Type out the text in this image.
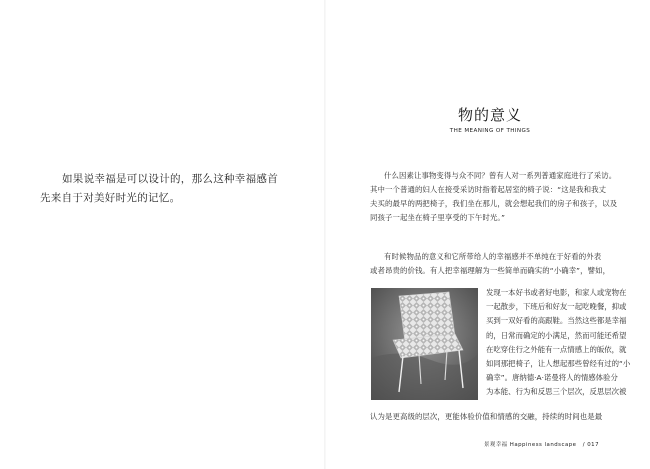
如果说幸福是可以设计的，那么这种幸福感首
先来自于对美好时光的记忆。
物的意义
THE MEANING OF THINGS
什么因素让事物变得与众不同？曾有人对一系列普通家庭进行了采访。
其中一个普通的妇人在接受采访时指着起居室的椅子说：“这是我和我丈
夫买的最早的两把椅子，我们坐在那儿，就会想起我们的房子和孩子，以及
同孩子一起坐在椅子里享受的下午时光。”
有时候物品的意义和它所带给人的幸福感并不单纯在于好看的外表
或者昂贵的价钱。有人把幸福理解为一些简单而确实的“小确幸”，譬如，
发现一本好书或者好电影，和家人或宠物在
一起散步，下班后和好友一起吃晚餐，抑或
买到一双好看的高跟鞋。当然这些都是幸福
的，日常而确定的小满足，然而可能还希望
在吃穿住行之外能有一点情感上的皈依，就
如同那把椅子，让人想起那些曾经有过的“小
确幸”。唐纳德·A·诺曼将人的情感体验分
为本能、行为和反思三个层次，反思层次被
认为是更高级的层次，更能体验价值和情感的交融，持续的时间也是最
景观幸福 Happiness landscape / 017
